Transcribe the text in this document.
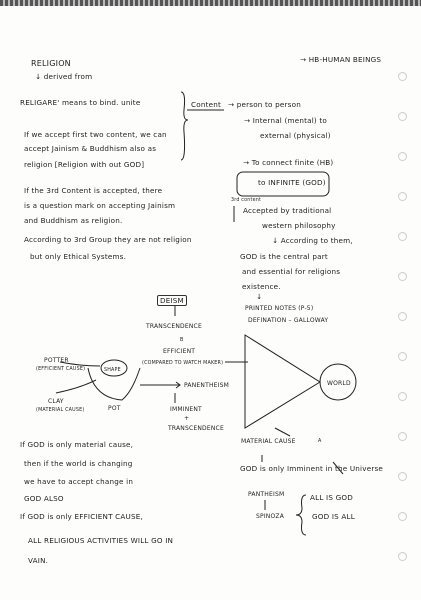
→ HB-HUMAN BEINGS
RELIGION
↓ derived from
RELIGARE' means to bind. unite	Content → person to person
→ Internal (mental) to
external (physical)
→ To connect finite (HB)
to INFINITE (GOD)
If we accept first two content, we can
accept Jainism & Buddhism also as
religion [Religion with out GOD]
If the 3rd Content is accepted, there
is a question mark on accepting Jainism
and Buddhism as religion.
According to 3rd Group they are not religion
but only Ethical Systems.
3rd content
Accepted by traditional
western philosophy
↓ According to them,
GOD is the central part
and essential for religions
existence.
↓
PRINTED NOTES (P-5)
DEFINATION – GALLOWAY
DEISM
TRANSCENDENCE
B
EFFICIENT
(COMPARED TO WATCH MAKER)
PANENTHEISM
IMMINENT
+
TRANSCENDENCE
POTTER
(EFFICIENT CAUSE)
CLAY
(MATERIAL CAUSE)	POT
SHAPE
WORLD
MATERIAL CAUSE	A
GOD is only Imminent in the Universe
PANTHEISM
SPINOZA
ALL IS GOD
GOD IS ALL
If GOD is only material cause,
then if the world is changing
we have to accept change in
GOD ALSO
If GOD is only EFFICIENT CAUSE,
ALL RELIGIOUS ACTIVITIES WILL GO IN
VAIN.
